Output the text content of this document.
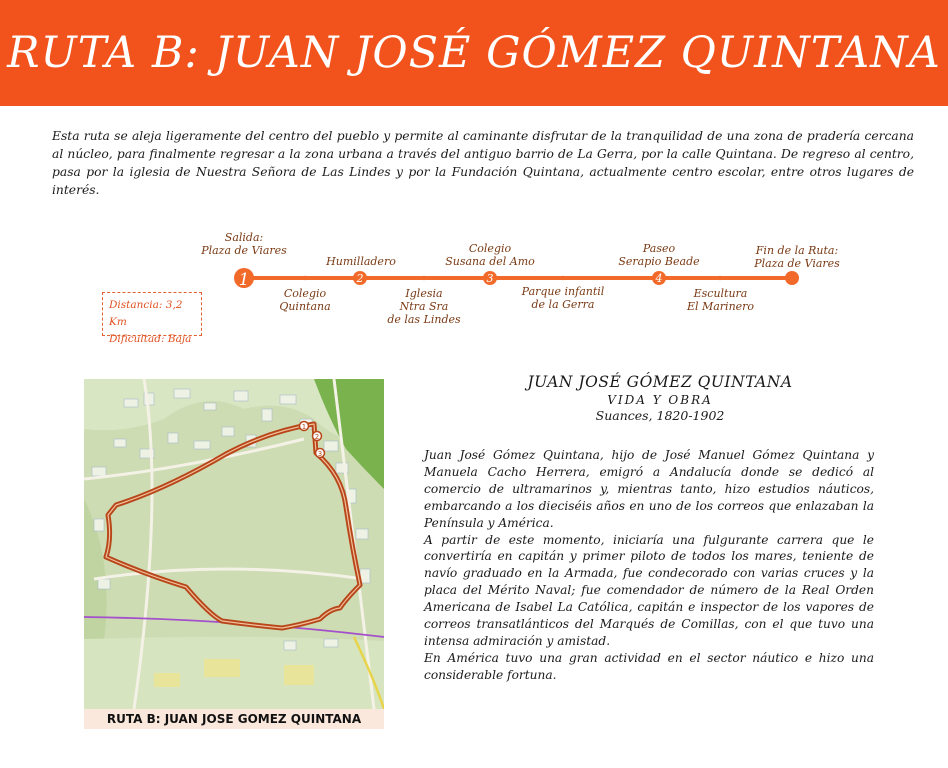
RUTA B: JUAN JOSÉ GÓMEZ QUINTANA
Esta ruta se aleja ligeramente del centro del pueblo y permite al caminante disfrutar de la tranquilidad de una zona de pradería cercana al núcleo, para finalmente regresar a la zona urbana a través del antiguo barrio de La Gerra, por la calle Quintana. De regreso al centro, pasa por la iglesia de Nuestra Señora de Las Lindes y por la Fundación Quintana, actualmente centro escolar, entre otros lugares de interés.
1	2	3	4
Salida:
Plaza de Viares
Colegio
Quintana
Humilladero
Iglesia
Ntra Sra
de las Lindes
Colegio
Susana del Amo
Parque infantil
de la Gerra
Paseo
Serapio Beade
Escultura
El Marinero
Fin de la Ruta:
Plaza de Viares
Distancia: 3,2 Km
Dificultad: Baja
1
2
3
RUTA B: JUAN JOSE GOMEZ QUINTANA
JUAN JOSÉ GÓMEZ QUINTANA
VIDA Y OBRA
Suances, 1820-1902

Juan José Gómez Quintana, hijo de José Manuel Gómez Quintana y Manuela Cacho Herrera, emigró a Andalucía donde se dedicó al comercio de ultramarinos y, mientras tanto, hizo estudios náuticos, embarcando a los dieciséis años en uno de los correos que enlazaban la Península y América.

A partir de este momento, iniciaría una fulgurante carrera que le convertiría en capitán y primer piloto de todos los mares, teniente de navío graduado en la Armada, fue condecorado con varias cruces y la placa del Mérito Naval; fue comendador de número de la Real Orden Americana de Isabel La Católica, capitán e inspector de los vapores de correos transatlánticos del Marqués de Comillas, con el que tuvo una intensa admiración y amistad.

En América tuvo una gran actividad en el sector náutico e hizo una considerable fortuna.
